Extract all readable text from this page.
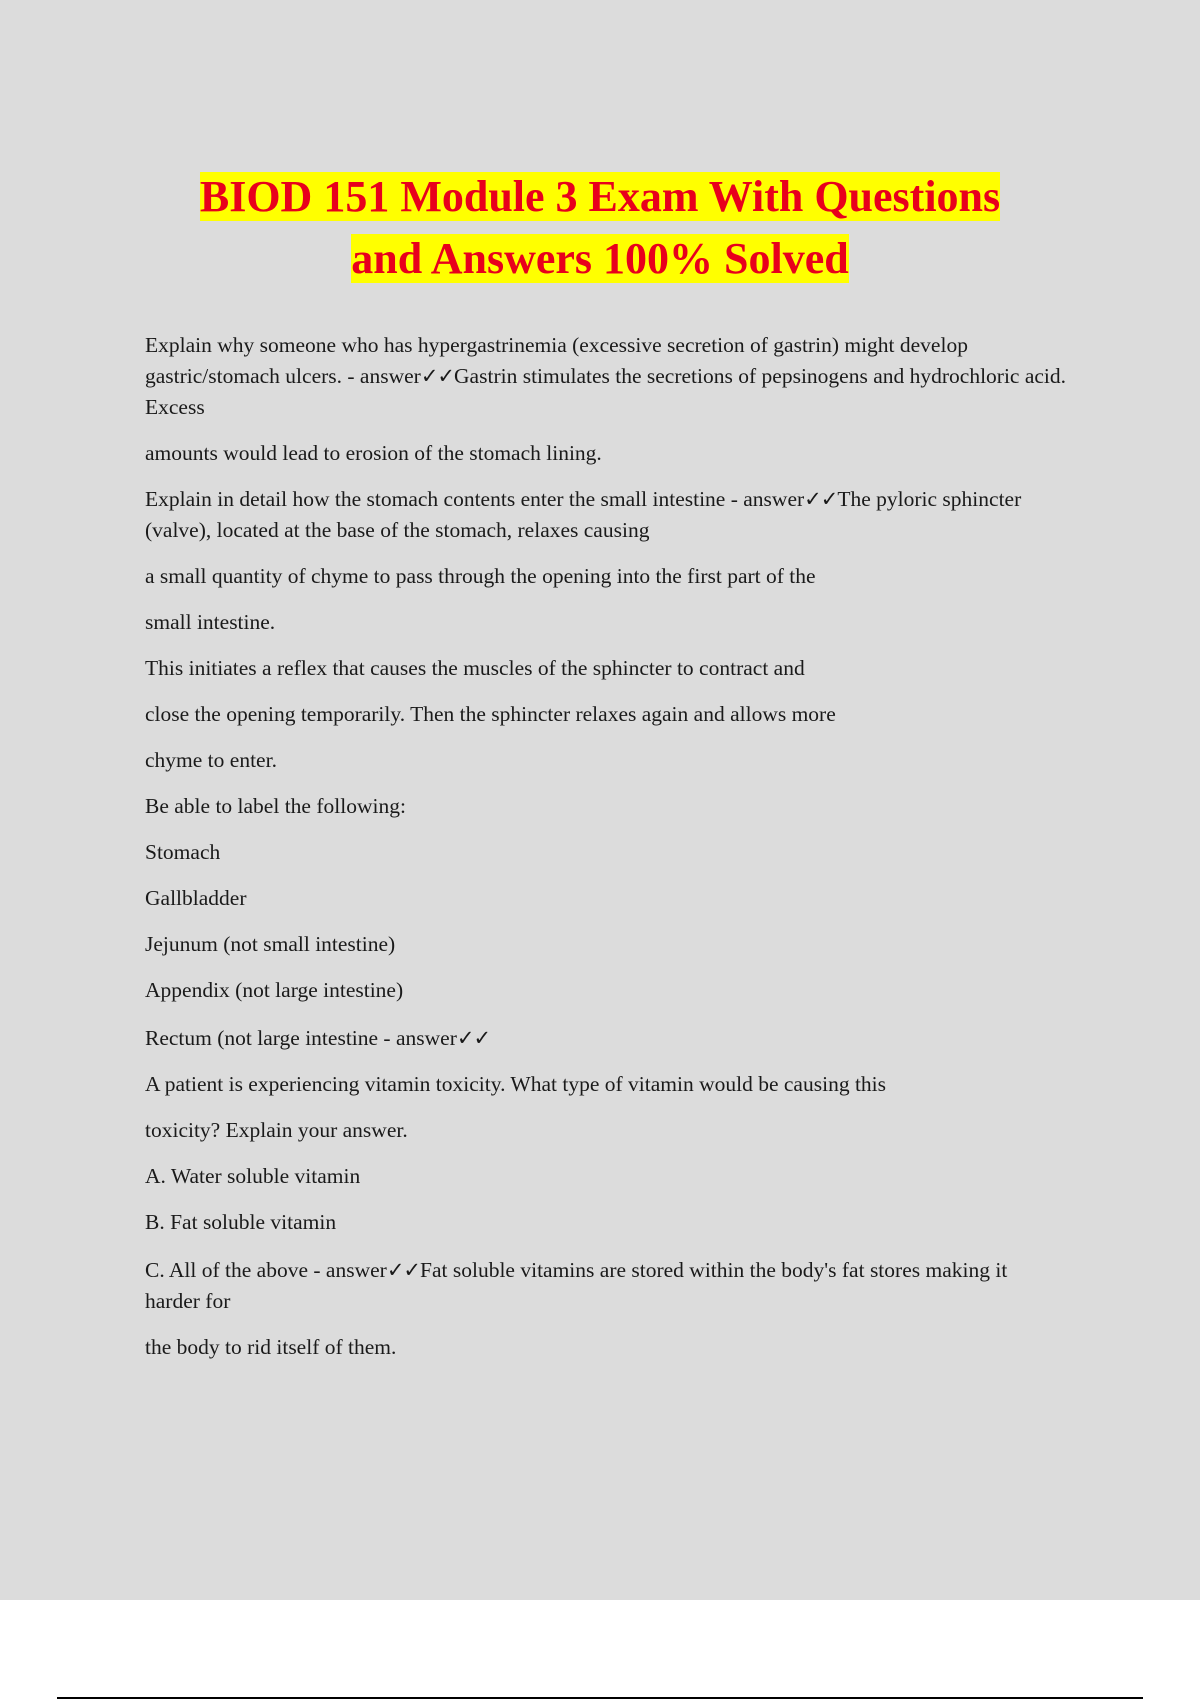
BIOD 151 Module 3 Exam With Questions
and Answers 100% Solved

Explain why someone who has hypergastrinemia (excessive secretion of gastrin) might develop gastric/stomach ulcers. - answer✓✓Gastrin stimulates the secretions of pepsinogens and hydrochloric acid. Excess

amounts would lead to erosion of the stomach lining.

Explain in detail how the stomach contents enter the small intestine - answer✓✓The pyloric sphincter (valve), located at the base of the stomach, relaxes causing

a small quantity of chyme to pass through the opening into the first part of the

small intestine.

This initiates a reflex that causes the muscles of the sphincter to contract and

close the opening temporarily. Then the sphincter relaxes again and allows more

chyme to enter.

Be able to label the following:

Stomach

Gallbladder

Jejunum (not small intestine)

Appendix (not large intestine)

Rectum (not large intestine - answer✓✓

A patient is experiencing vitamin toxicity. What type of vitamin would be causing this

toxicity? Explain your answer.

A. Water soluble vitamin

B. Fat soluble vitamin

C. All of the above - answer✓✓Fat soluble vitamins are stored within the body's fat stores making it harder for

the body to rid itself of them.
